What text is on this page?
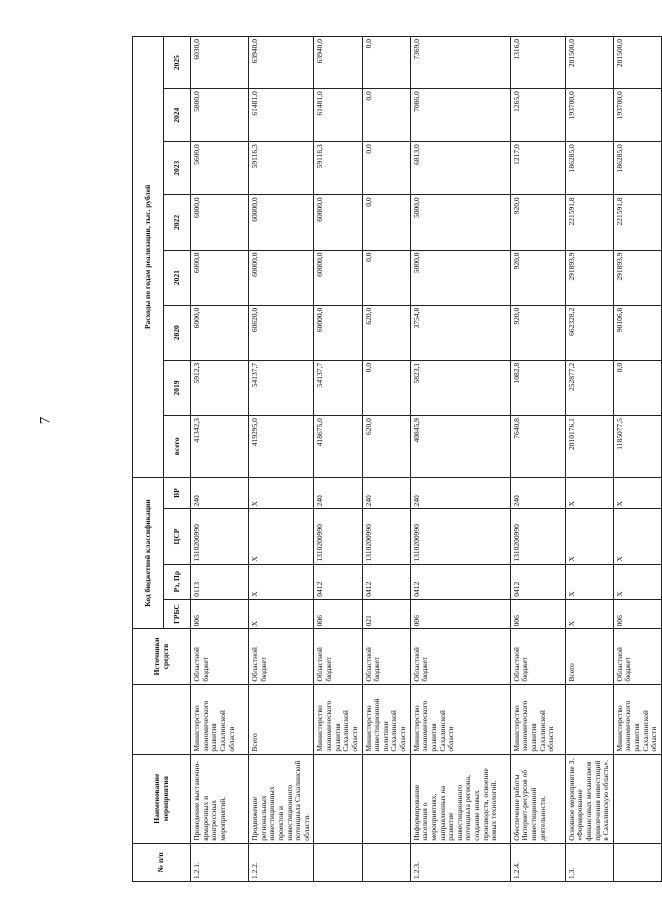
7
№ п/п	Наименование мероприятия		Источники средств	Код бюджетной классификации				Расходы по годам реализации, тыс. рублей							
				ГРБС	Рз, Пр	ЦСР	ВР	всего	2019	2020	2021	2022	2023	2024	2025
1.2.1.	Проведение выставочно-ярмарочных и конгрессных мероприятий.	Министерство экономического развития Сахалинской области	Областной бюджет	006	0113	1310200990	240	41342,3	5912,3	6000,0	6000,0	6000,0	5600,0	5800,0	6030,0
1.2.2.	Продвижение региональных инвестиционных проектов и инвестиционного потенциала Сахалинской области.	Всего	Областной бюджет	X	X	X	X	419295,0	54137,7	60620,0	60000,0	60000,0	59116,3	61481,0	63940,0
		Министерство экономического развития Сахалинской области	Областной бюджет	006	0412	1310200990	240	418675,0	54137,7	60000,0	60000,0	60000,0	59116,3	61481,0	63940,0
		Министерство инвестиционной политики Сахалинской области	Областной бюджет	021	0412	1310200990	240	620,0	0,0	620,0	0,0	0,0	0,0	0,0	0,0
1.2.3.	Информирование населения о мероприятиях, направленных на развитие инвестиционного потенциала региона, создание новых производств, освоение новых технологий.	Министерство экономического развития Сахалинской области	Областной бюджет	006	0412	1310200990	240	40845,9	5823,1	3754,8	5000,0	5000,0	6813,0	7086,0	7369,0
1.2.4.	Обеспечение работы Интернет-ресурсов об инвестиционной деятельности.	Министерство экономического развития Сахалинской области	Областной бюджет	006	0412	1310200990	240	7640,8	1082,8	920,0	920,0	920,0	1217,0	1265,0	1316,0
1.3.	Основное мероприятие 3. «Формирование финансовых механизмов привлечения инвестиций в Сахалинскую область».		Всего	X	X	X	X	2010176,1	252877,2	662328,2	291893,9	221591,8	186285,0	193700,0	201500,0
		Министерство экономического развития Сахалинской области	Областной бюджет	006	X	X	X	1185077,5	0,0	90106,8	291893,9	221591,8	186285,0	193700,0	201500,0
